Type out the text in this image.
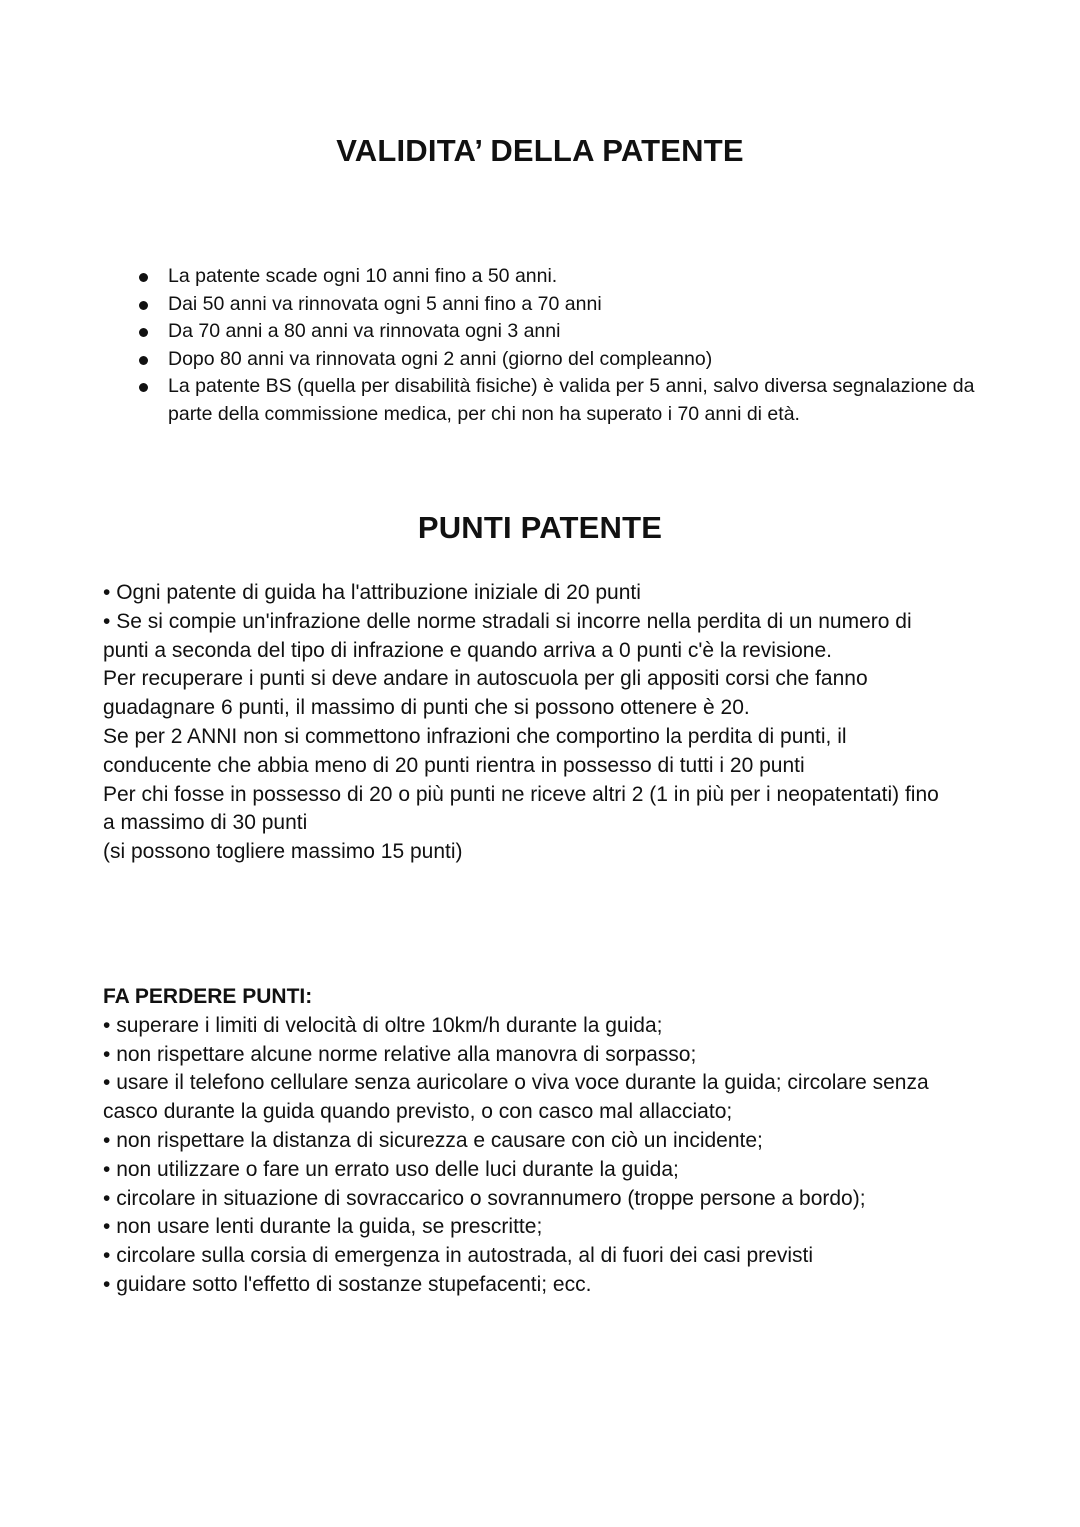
VALIDITA’ DELLA PATENTE
La patente scade ogni 10 anni fino a 50 anni.
Dai 50 anni va rinnovata ogni 5 anni fino a 70 anni
Da 70 anni a 80 anni va rinnovata ogni 3 anni
Dopo 80 anni va rinnovata ogni 2 anni (giorno del compleanno)
La patente BS (quella per disabilità fisiche) è valida per 5 anni, salvo diversa segnalazione da
parte della commissione medica, per chi non ha superato i 70 anni di età.
PUNTI PATENTE
• Ogni patente di guida ha l'attribuzione iniziale di 20 punti
• Se si compie un'infrazione delle norme stradali si incorre nella perdita di un numero di
punti a seconda del tipo di infrazione e quando arriva a 0 punti c'è la revisione.
Per recuperare i punti si deve andare in autoscuola per gli appositi corsi che fanno
guadagnare 6 punti, il massimo di punti che si possono ottenere è 20.
Se per 2 ANNI non si commettono infrazioni che comportino la perdita di punti, il
conducente che abbia meno di 20 punti rientra in possesso di tutti i 20 punti
Per chi fosse in possesso di 20 o più punti ne riceve altri 2 (1 in più per i neopatentati) fino
a massimo di 30 punti
(si possono togliere massimo 15 punti)
FA PERDERE PUNTI:
• superare i limiti di velocità di oltre 10km/h durante la guida;
• non rispettare alcune norme relative alla manovra di sorpasso;
• usare il telefono cellulare senza auricolare o viva voce durante la guida; circolare senza
casco durante la guida quando previsto, o con casco mal allacciato;
• non rispettare la distanza di sicurezza e causare con ciò un incidente;
• non utilizzare o fare un errato uso delle luci durante la guida;
• circolare in situazione di sovraccarico o sovrannumero (troppe persone a bordo);
• non usare lenti durante la guida, se prescritte;
• circolare sulla corsia di emergenza in autostrada, al di fuori dei casi previsti
• guidare sotto l'effetto di sostanze stupefacenti; ecc.
